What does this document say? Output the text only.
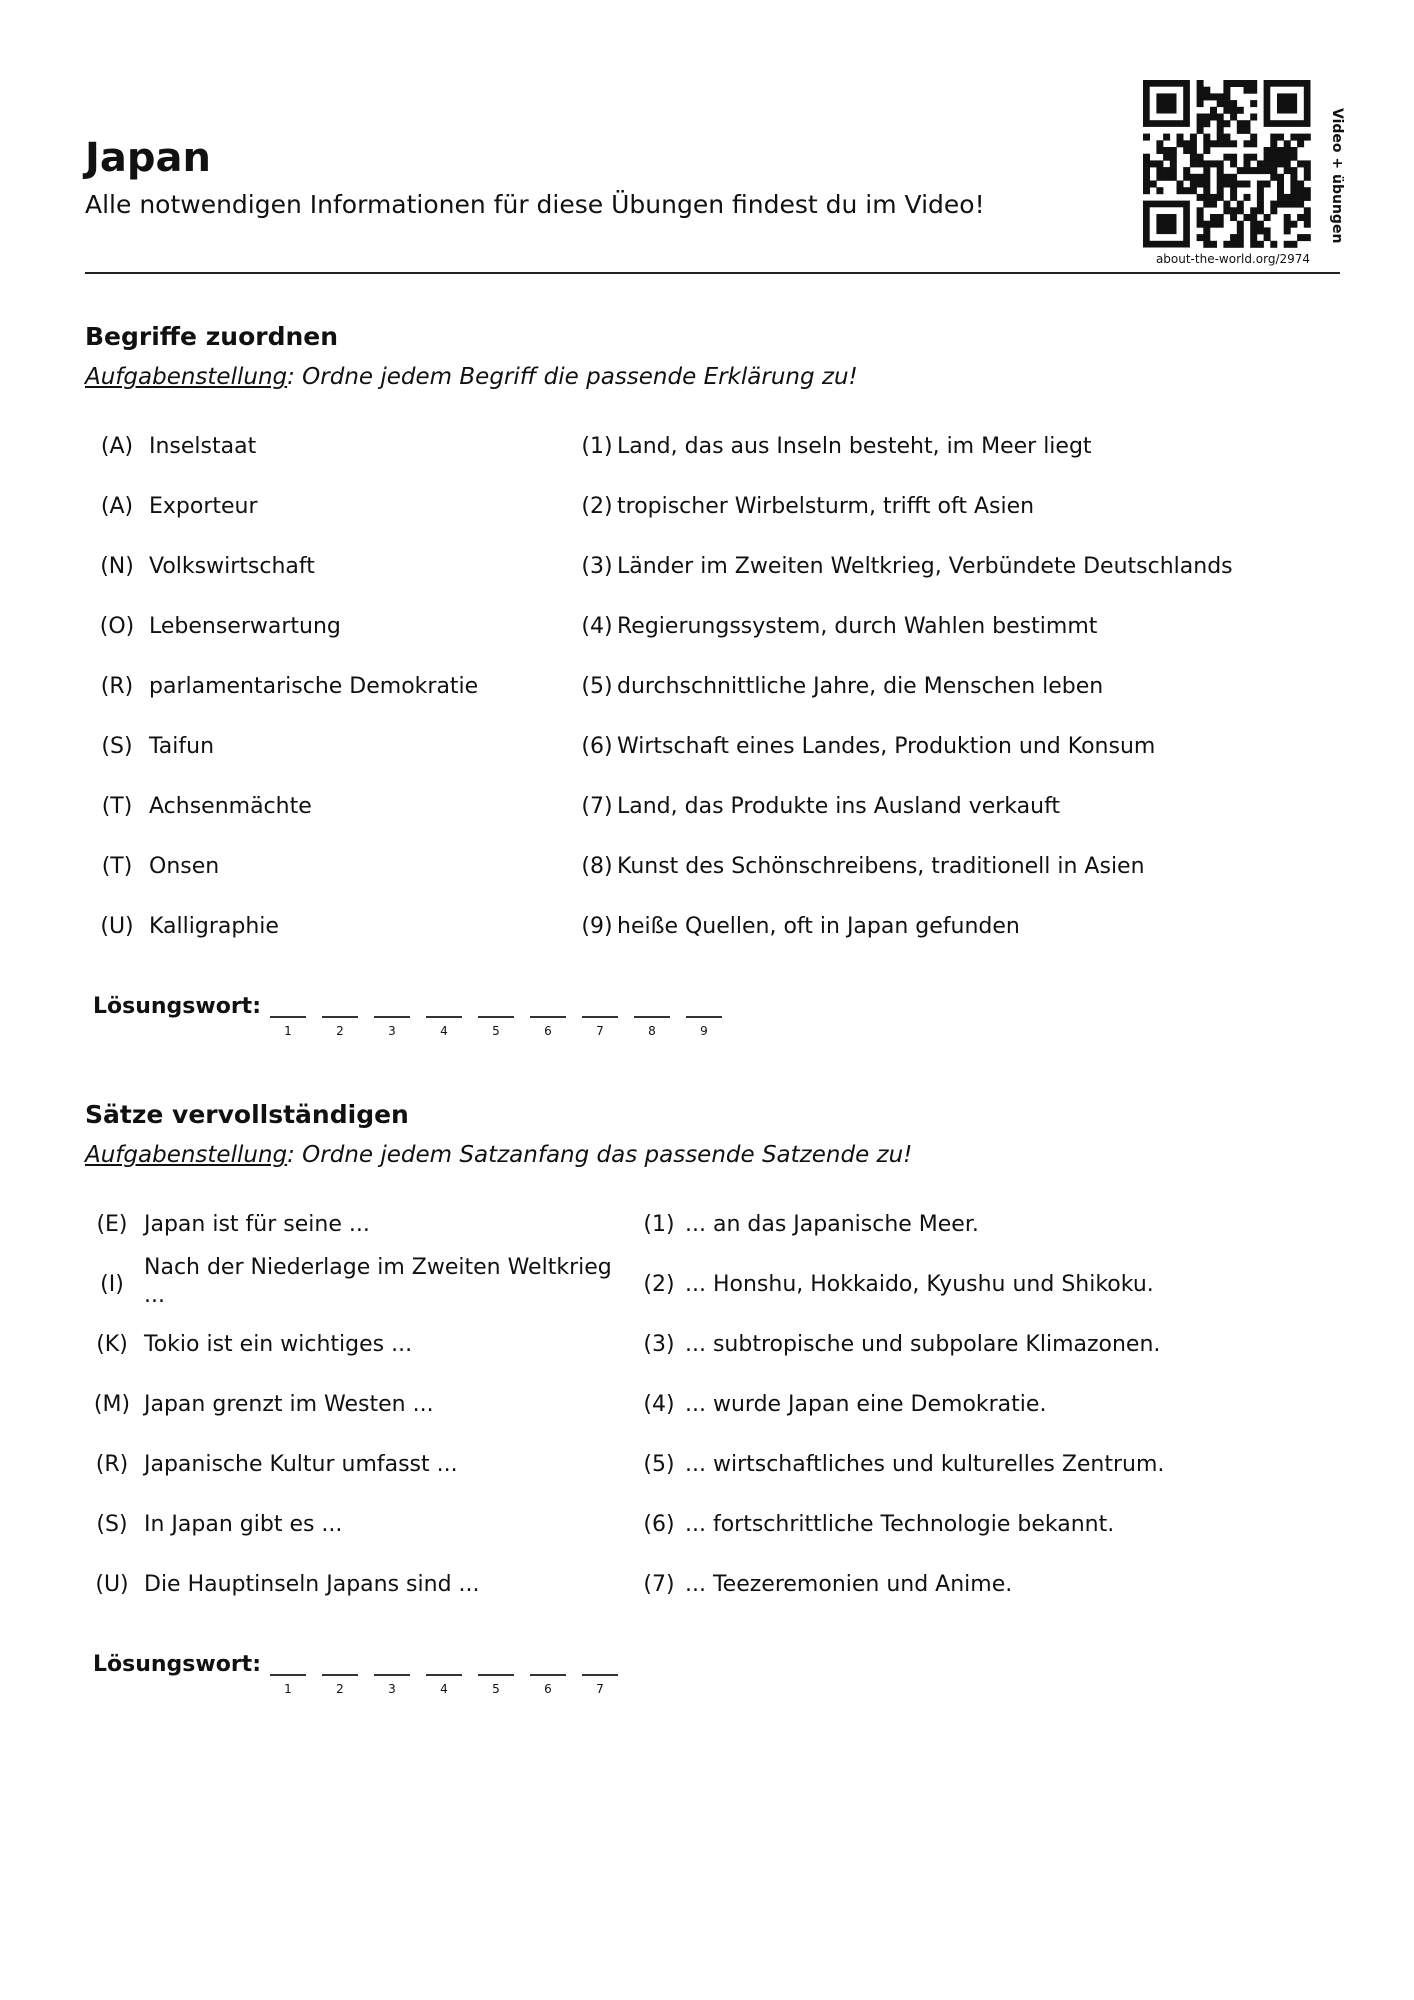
Japan
Alle notwendigen Informationen für diese Übungen findest du im Video!
about-the-world.org/2974
Video + übungen
Begriffe zuordnen
Aufgabenstellung: Ordne jedem Begriff die passende Erklärung zu!
(A) Inselstaat	(1) Land, das aus Inseln besteht, im Meer liegt
(A) Exporteur	(2) tropischer Wirbelsturm, trifft oft Asien
(N) Volkswirtschaft	(3) Länder im Zweiten Weltkrieg, Verbündete Deutschlands
(O) Lebenserwartung	(4) Regierungssystem, durch Wahlen bestimmt
(R) parlamentarische Demokratie	(5) durchschnittliche Jahre, die Menschen leben
(S) Taifun	(6) Wirtschaft eines Landes, Produktion und Konsum
(T) Achsenmächte	(7) Land, das Produkte ins Ausland verkauft
(T) Onsen	(8) Kunst des Schönschreibens, traditionell in Asien
(U) Kalligraphie	(9) heiße Quellen, oft in Japan gefunden
Lösungswort:
1	2	3	4	5	6	7	8	9
Sätze vervollständigen
Aufgabenstellung: Ordne jedem Satzanfang das passende Satzende zu!
(E) Japan ist für seine ...	(1) ... an das Japanische Meer.
(I)
Nach der Niederlage im Zweiten Weltkrieg ...	(2) ... Honshu, Hokkaido, Kyushu und Shikoku.
(K) Tokio ist ein wichtiges ...	(3) ... subtropische und subpolare Klimazonen.
(M) Japan grenzt im Westen ...	(4) ... wurde Japan eine Demokratie.
(R) Japanische Kultur umfasst ...	(5) ... wirtschaftliches und kulturelles Zentrum.
(S) In Japan gibt es ...	(6) ... fortschrittliche Technologie bekannt.
(U) Die Hauptinseln Japans sind ...	(7) ... Teezeremonien und Anime.
Lösungswort:
1	2	3	4	5	6	7
